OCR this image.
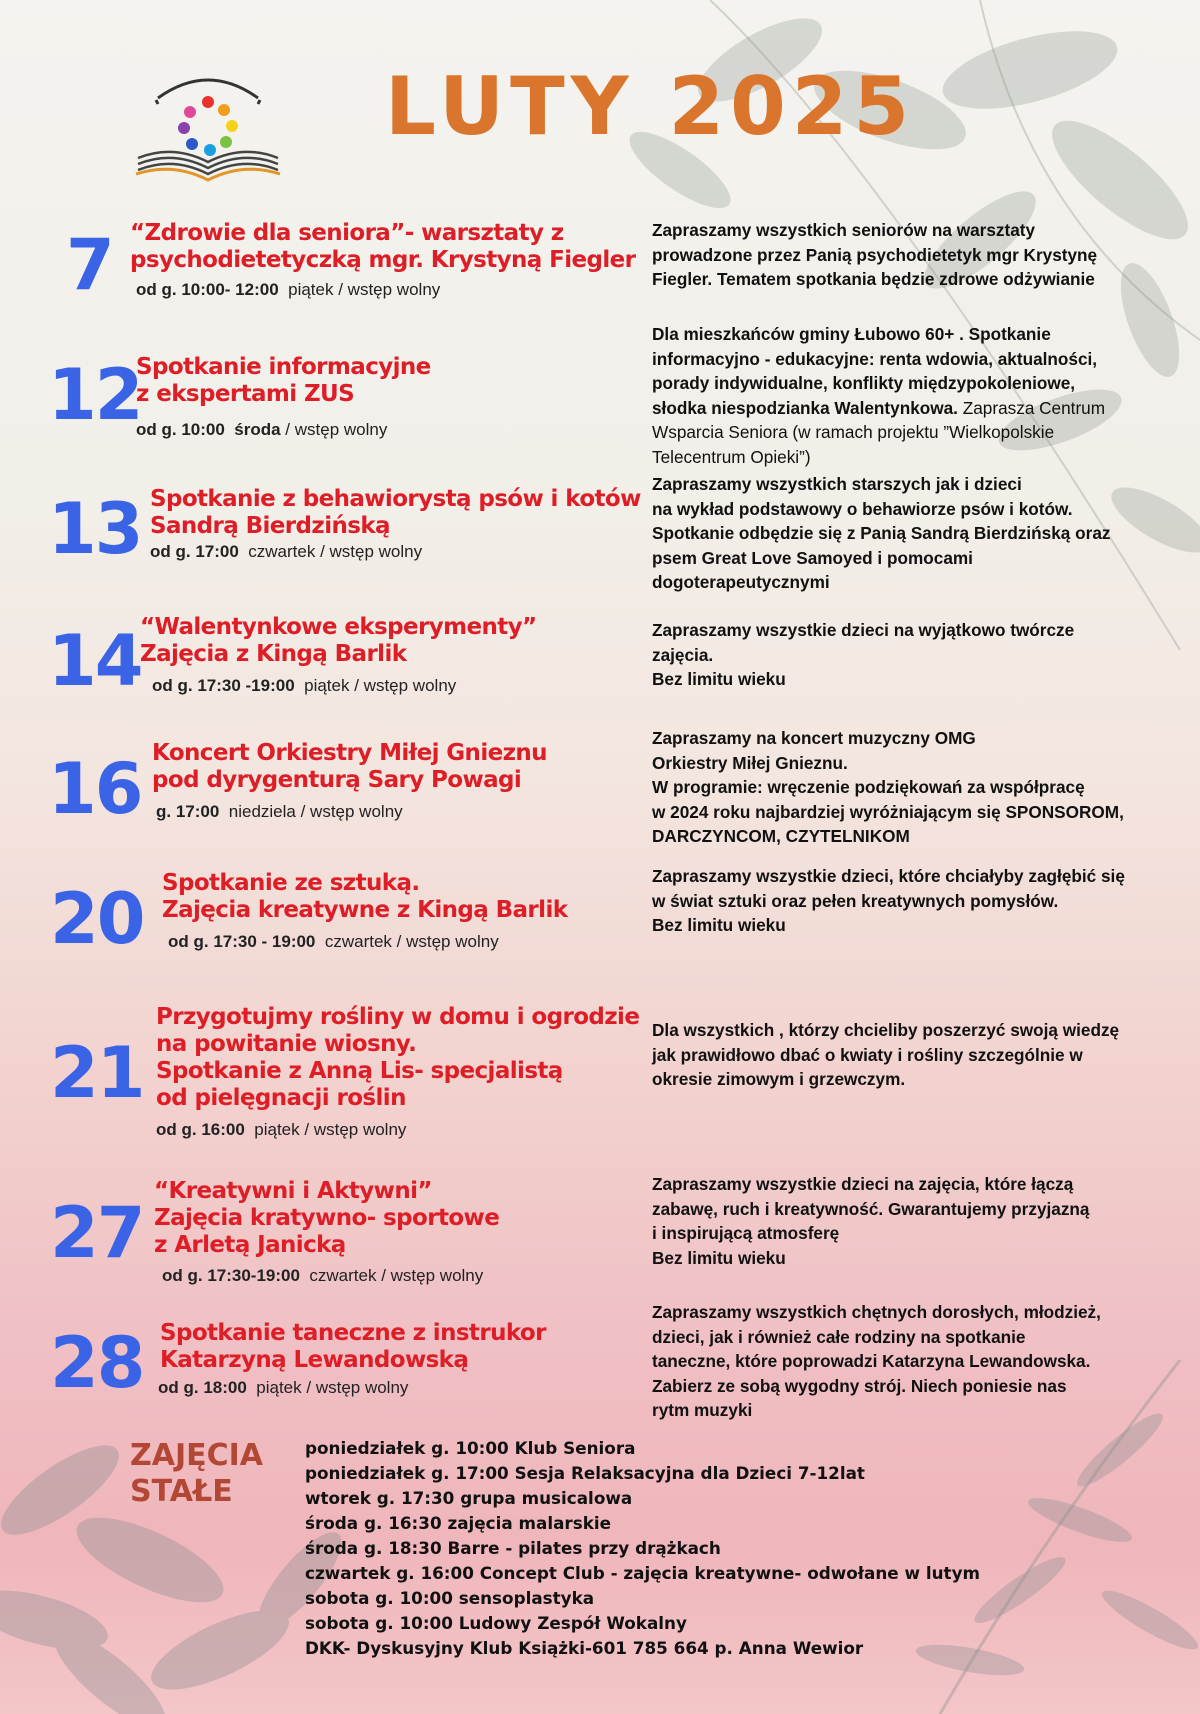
LUTY 2025
7 “Zdrowie dla seniora”- warsztaty z
psychodietetyczką mgr. Krystyną Fiegler
od g. 10:00- 12:00 piątek / wstęp wolny
Zapraszamy wszystkich seniorów na warsztaty
prowadzone przez Panią psychodietetyk mgr Krystynę
Fiegler. Tematem spotkania będzie zdrowe odżywianie
12
Spotkanie informacyjne
z ekspertami ZUS
od g. 10:00 środa / wstęp wolny
Dla mieszkańców gminy Łubowo 60+ . Spotkanie
informacyjno - edukacyjne: renta wdowia, aktualności,
porady indywidualne, konflikty międzypokoleniowe,
słodka niespodzianka Walentynkowa. Zaprasza Centrum
Wsparcia Seniora (w ramach projektu ”Wielkopolskie
Telecentrum Opieki”)
13 Spotkanie z behawiorystą psów i kotów
Sandrą Bierdzińską
od g. 17:00 czwartek / wstęp wolny
Zapraszamy wszystkich starszych jak i dzieci
na wykład podstawowy o behawiorze psów i kotów.
Spotkanie odbędzie się z Panią Sandrą Bierdzińską oraz
psem Great Love Samoyed i pomocami
dogoterapeutycznymi
14
“Walentynkowe eksperymenty”
Zajęcia z Kingą Barlik
od g. 17:30 -19:00 piątek / wstęp wolny
Zapraszamy wszystkie dzieci na wyjątkowo twórcze
zajęcia.
Bez limitu wieku
16 Koncert Orkiestry Miłej Gnieznu
pod dyrygenturą Sary Powagi
g. 17:00 niedziela / wstęp wolny
Zapraszamy na koncert muzyczny OMG
Orkiestry Miłej Gnieznu.
W programie: wręczenie podziękowań za współpracę
w 2024 roku najbardziej wyróżniającym się SPONSOROM,
DARCZYNCOM, CZYTELNIKOM
20 Spotkanie ze sztuką.
Zajęcia kreatywne z Kingą Barlik
od g. 17:30 - 19:00 czwartek / wstęp wolny
Zapraszamy wszystkie dzieci, które chciałyby zagłębić się
w świat sztuki oraz pełen kreatywnych pomysłów.
Bez limitu wieku
21
Przygotujmy rośliny w domu i ogrodzie
na powitanie wiosny.
Spotkanie z Anną Lis- specjalistą
od pielęgnacji roślin
od g. 16:00 piątek / wstęp wolny
Dla wszystkich , którzy chcieliby poszerzyć swoją wiedzę
jak prawidłowo dbać o kwiaty i rośliny szczególnie w
okresie zimowym i grzewczym.
27
“Kreatywni i Aktywni”
Zajęcia kratywno- sportowe
z Arletą Janicką
od g. 17:30-19:00 czwartek / wstęp wolny
Zapraszamy wszystkie dzieci na zajęcia, które łączą
zabawę, ruch i kreatywność. Gwarantujemy przyjazną
i inspirującą atmosferę
Bez limitu wieku
28 Spotkanie taneczne z instrukor
Katarzyną Lewandowską
od g. 18:00 piątek / wstęp wolny
Zapraszamy wszystkich chętnych dorosłych, młodzież,
dzieci, jak i również całe rodziny na spotkanie
taneczne, które poprowadzi Katarzyna Lewandowska.
Zabierz ze sobą wygodny strój. Niech poniesie nas
rytm muzyki
ZAJĘCIA
STAŁE
poniedziałek g. 10:00 Klub Seniora
poniedziałek g. 17:00 Sesja Relaksacyjna dla Dzieci 7-12lat
wtorek g. 17:30 grupa musicalowa
środa g. 16:30 zajęcia malarskie
środa g. 18:30 Barre - pilates przy drążkach
czwartek g. 16:00 Concept Club - zajęcia kreatywne- odwołane w lutym
sobota g. 10:00 sensoplastyka
sobota g. 10:00 Ludowy Zespół Wokalny
DKK- Dyskusyjny Klub Książki-601 785 664 p. Anna Wewior
